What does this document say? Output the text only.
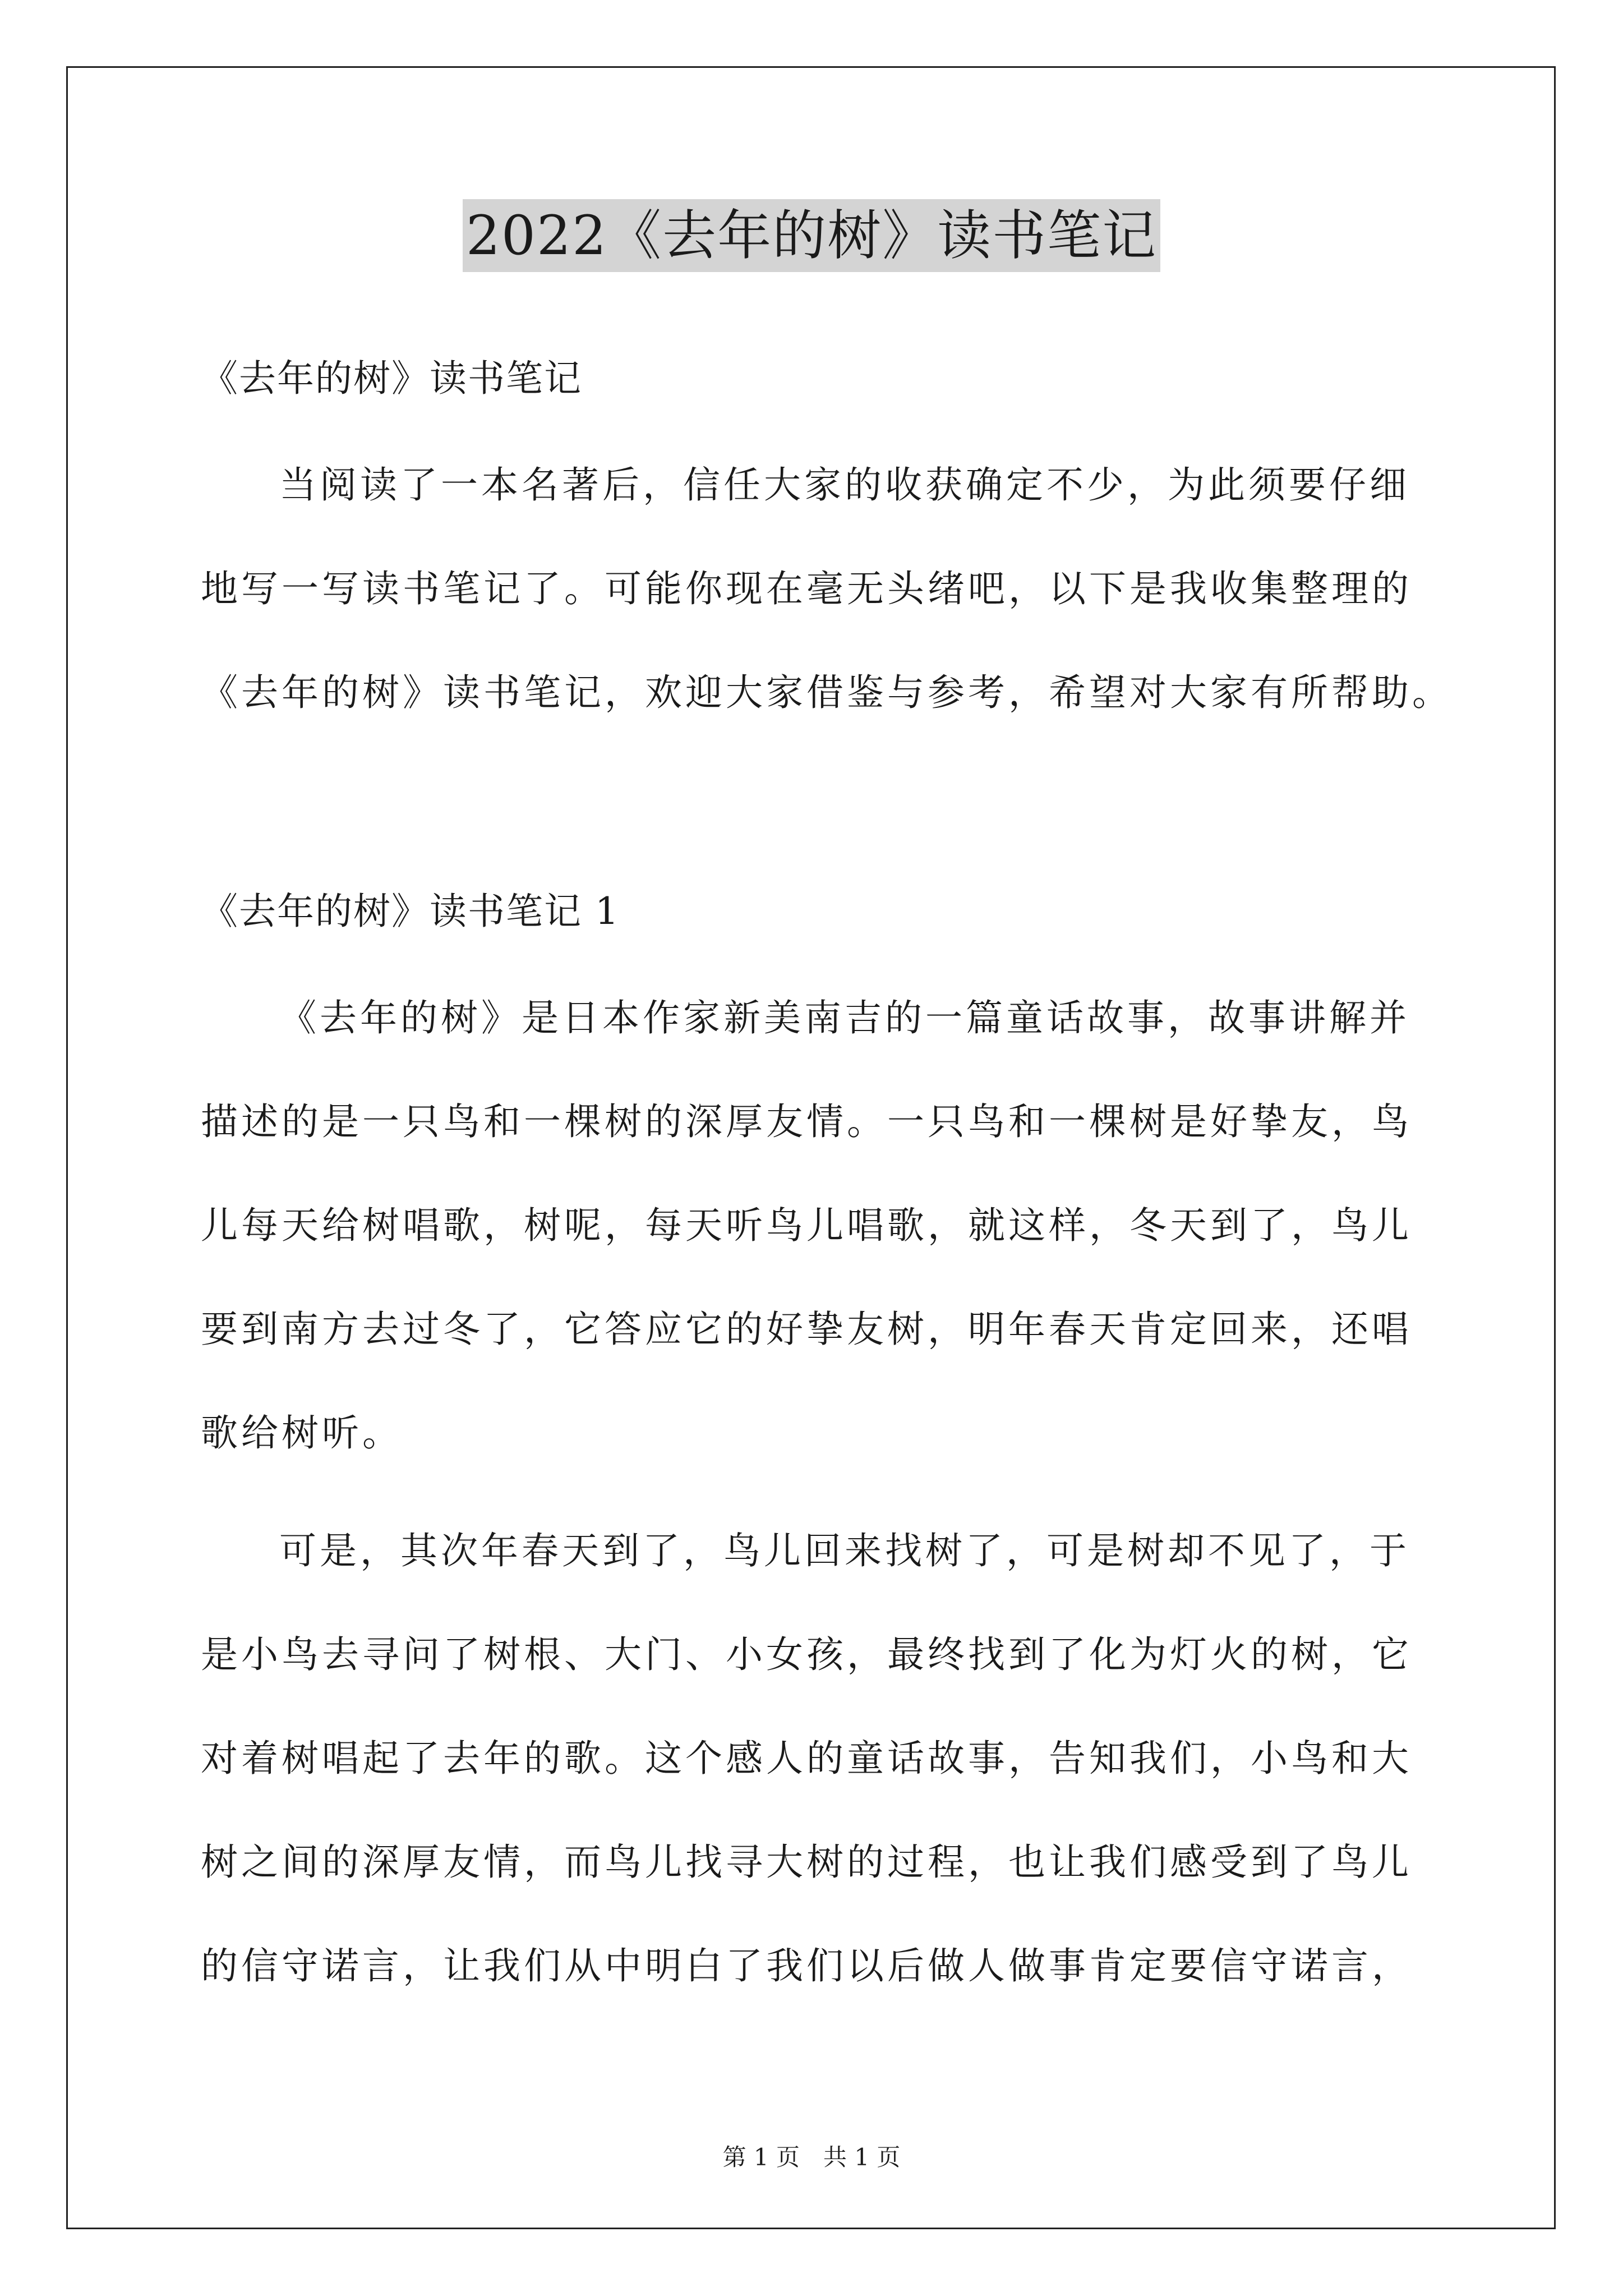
2022《去年的树》读书笔记
《去年的树》读书笔记
当阅读了一本名著后，信任大家的收获确定不少，为此须要仔细
地写一写读书笔记了。可能你现在毫无头绪吧，以下是我收集整理的
《去年的树》读书笔记，欢迎大家借鉴与参考，希望对大家有所帮助。
《去年的树》读书笔记 1
《去年的树》是日本作家新美南吉的一篇童话故事，故事讲解并
描述的是一只鸟和一棵树的深厚友情。一只鸟和一棵树是好挚友，鸟
儿每天给树唱歌，树呢，每天听鸟儿唱歌，就这样，冬天到了，鸟儿
要到南方去过冬了，它答应它的好挚友树，明年春天肯定回来，还唱
歌给树听。
可是，其次年春天到了，鸟儿回来找树了，可是树却不见了，于
是小鸟去寻问了树根、大门、小女孩，最终找到了化为灯火的树，它
对着树唱起了去年的歌。这个感人的童话故事，告知我们，小鸟和大
树之间的深厚友情，而鸟儿找寻大树的过程，也让我们感受到了鸟儿
的信守诺言，让我们从中明白了我们以后做人做事肯定要信守诺言，
第 1 页　共 1 页
